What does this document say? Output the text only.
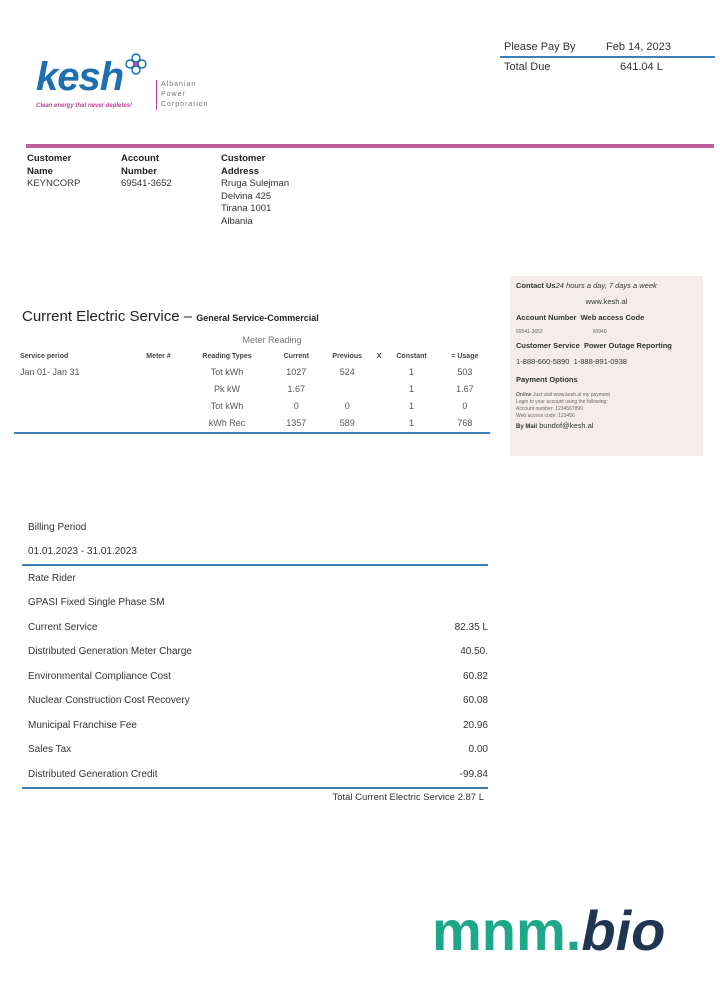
Please Pay By	Feb 14, 2023
Total Due	641.04 L
kesh
Clean energy that never depletes!
Albanian
Power
Corporation
Customer
Name
KEYNCORP
Account
Number
69541-3652
Customer
Address
Rruga Sulejman
Delvina 425
Tirana 1001
Albania
Current Electric Service – General Service-Commercial
Meter Reading
Service period	Meter #	Reading Types	Current	Previous	X	Constant	= Usage
Jan 01- Jan 31		Tot kWh	1027	524		1	503
		Pk kW	1.67			1	1.67
		Tot kWh	0	0		1	0
		kWh Rec	1357	589		1	768
Contact Us24 hours a day, 7 days a week
www.kesh.al
Account Number Web access Code
69541-3652	60940
Customer Service Power Outage Reporting
1-888-660-5890 1-888-891-0938
Payment Options
Online Just visit www.kesh.al my payment
Login to your account using the following:
Account number: 1234567890
Web access code: 123456
By Mail bundof@kesh.al
Billing Period
01.01.2023 - 31.01.2023
Rate Rider
GPASI Fixed Single Phase SM
Current Service	82.35 L
Distributed Generation Meter Charge	40.50.
Environmental Compliance Cost	60.82
Nuclear Construction Cost Recovery	60.08
Municipal Franchise Fee	20.96
Sales Tax	0.00
Distributed Generation Credit	-99.84
Total Current Electric Service 2.87 L
mnm.bio
